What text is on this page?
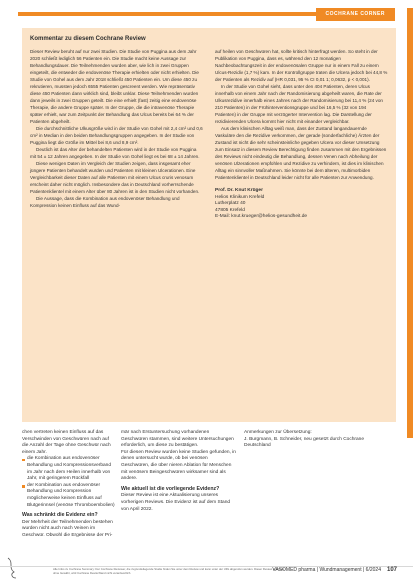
COCHRANE CORNER
Kommentar zu diesem Cochrane Review

Dieser Review beruht auf nur zwei Studien. Die Studie von Puggina aus dem Jahr 2020 schließt lediglich 56 Patienten ein. Die Studie macht keine Aussage zur Behandlungsdauer. Die Teilnehmenden wurden aber, wie lich in zwei Gruppen eingeteilt, die entweder die endovenöse Therapie erhielten oder nicht erhielten. Die Studie von Gohel aus dem Jahr 2018 schließt 450 Patienten ein. Um diese 450 zu rekrutieren, mussten jedoch 6555 Patienten gescreent werden. Wie repräsentativ diese 450 Patienten dann wirklich sind, bleibt unklar. Diese Teilnehmenden wurden dann jeweils in zwei Gruppen geteilt. Die eine erhielt (fast) zeitig eine endovenöse Therapie, die andere Gruppe später. In der Gruppe, die die intravenöse Therapie später erhielt, war zum Zeitpunkt der Behandlung das Ulcus bereits bei 64 % der Patienten abgeheilt.

Die durchschnittliche Ulkusgröße wird in der Studie von Gohel mit 2,4 cm² und 0,6 cm² in Median in den beiden Behandlungsgruppen angegeben. In der Studie von Puggina liegt die Größe im Mittel bei 8,6 und 8,9 cm².

Deutlich ist das Alter der behandelten Patienten wird in der Studie von Puggina mit 54 ± 12 Jahren angegeben. In der Studie von Gohel liegt es bei 68 ± 14 Jahren.

Diese wenigen Daten im Vergleich der Studien zeigen, dass insgesamt eher jüngere Patienten behandelt wurden und Patienten mit kleinen Ulcerationen. Eine Vergleichbarkeit dieser Daten auf alle Patienten mit einem Ulcus cruris venosum erscheint daher nicht möglich. Insbesondere das in Deutschland vorherrschende Patientenklientel mit einem Alter über 80 Jahren ist in den Studien nicht vorhanden.

Die Aussage, dass die Kombination aus endovenöser Behandlung und Kompression keinen Einfluss auf das Wund-

auf heilen von Geschwüren hat, sollte kritisch hinterfragt werden. So steht in der Publikation von Puggina, dass es, während den 12 monatigen Nachbeobachtungszeit in der endovenösalen Gruppe nur in einem Fall zu einem Ulcus-Rezidiv (1,7 %) kam. In der Kontrollgruppe traten die Ulcera jedoch bei 44,8 % der Patienten als Rezidiv auf (HR 0,031, 95 % CI 0,01 1; 0,0632, p < 0,001).

In der Studie von Gohel sieht, dass unter den 404 Patienten, deren Ulcus innerhalb von einem Jahr nach der Randomisierung abgeheilt waren, die Rate der Ulkusrezidive innerhalb eines Jahres nach der Randomisierung bei 11,4 % (24 von 210 Patienten) in der Frühinterventionsgruppe und bei 16,5 % (32 von 194 Patienten) in der Gruppe mit verzögerter Intervention lag. Die Darstellung der rezidivierenden Ulcera kommt hier nicht mit einander vergleichbar.

Aus dem klinischen Alltag weiß man, dass der Zustand langandauernde Vaskuläre den die Rezidive verkommen, der gerade (sonderfachliche) Ärzten der Zustand ist nicht die sehr scheinsteinliche gegeben Ulcera vor dieser Umsetzung zum Einsatz in diesem Review Berechtigung finden zusammen mit den Ergebnissen des Reviews nicht eindeutig die Behandlung, dessen Venen nach Abheilung der venösen Ulzerationen empfohlen und Rezidive zu verhindern, ist dies im klinischen Alltag ein sinnvoller Maßnahmen. Sie könnte bei dem älteren, multimorbiden Patientenklientel in Deutschland leider nicht für alle Patienten zur Anwendung.

Prof. Dr. Knut Krüger
Helios Klinikum Krefeld
Lutherplatz 40
47805 Krefeld
E-Mail: knut.krueger@helios-gesundheit.de

chen vertreten keinen Einfluss auf das Verschwinden von Geschwüren nach auf die Anzahl der Tage ohne Geschwür nach einem Jahr.

die Kombination aus endovenöser Behandlung und Kompressionsverband im Jahr nach dem Heilen innerhalb von Jahr, mit geringerem Rückfall
der Kombination aus endovenöser Behandlung und Kompression möglicherweise keinen Einfluss auf Blutgerinnsel (venöse Thromboembolien)
Was schränkt die Evidenz ein?

Der Mehrheit der Teilnehmenden bestehen wurden nicht auch nach Veinen im Geschwür. Obwohl die Ergebnisse der Pri-

mär nach Erstuntersuchung vorhandenen Geschwüren stammen, sind weitere Untersuchungen erforderlich, um diese zu bestätigen.

Für diesen Review wurden keine Studien gefunden, in denen untersucht wurde, ob bei venösen Geschwüren, die über nieren Ablation für Menschen mit venösem Beingeschwüren wirksamer sind als andere.

Wie aktuell ist die vorliegende Evidenz?

Dieser Review ist eine Aktualisierung unseres vorherigen Reviews. Die Evidenz ist auf dem Stand von April 2022.

Anmerkungen zur Übersetzung:

J. Burgmann, B. Schneider, neu gesetzt durch Cochrane Deutschland

Alle Infos zu Cochrane Summary: Der Cochrane Reviewer, die zugrundeliegende Studie finden Sie unter dem Review und kann unter der URL abgerufen werden. Dieser Review erscheint ohne Gewähr, wird Cochrane Deutschland nicht verantwortlich.	VASOMED pharma | Wundmanagement | 6/2024 107
